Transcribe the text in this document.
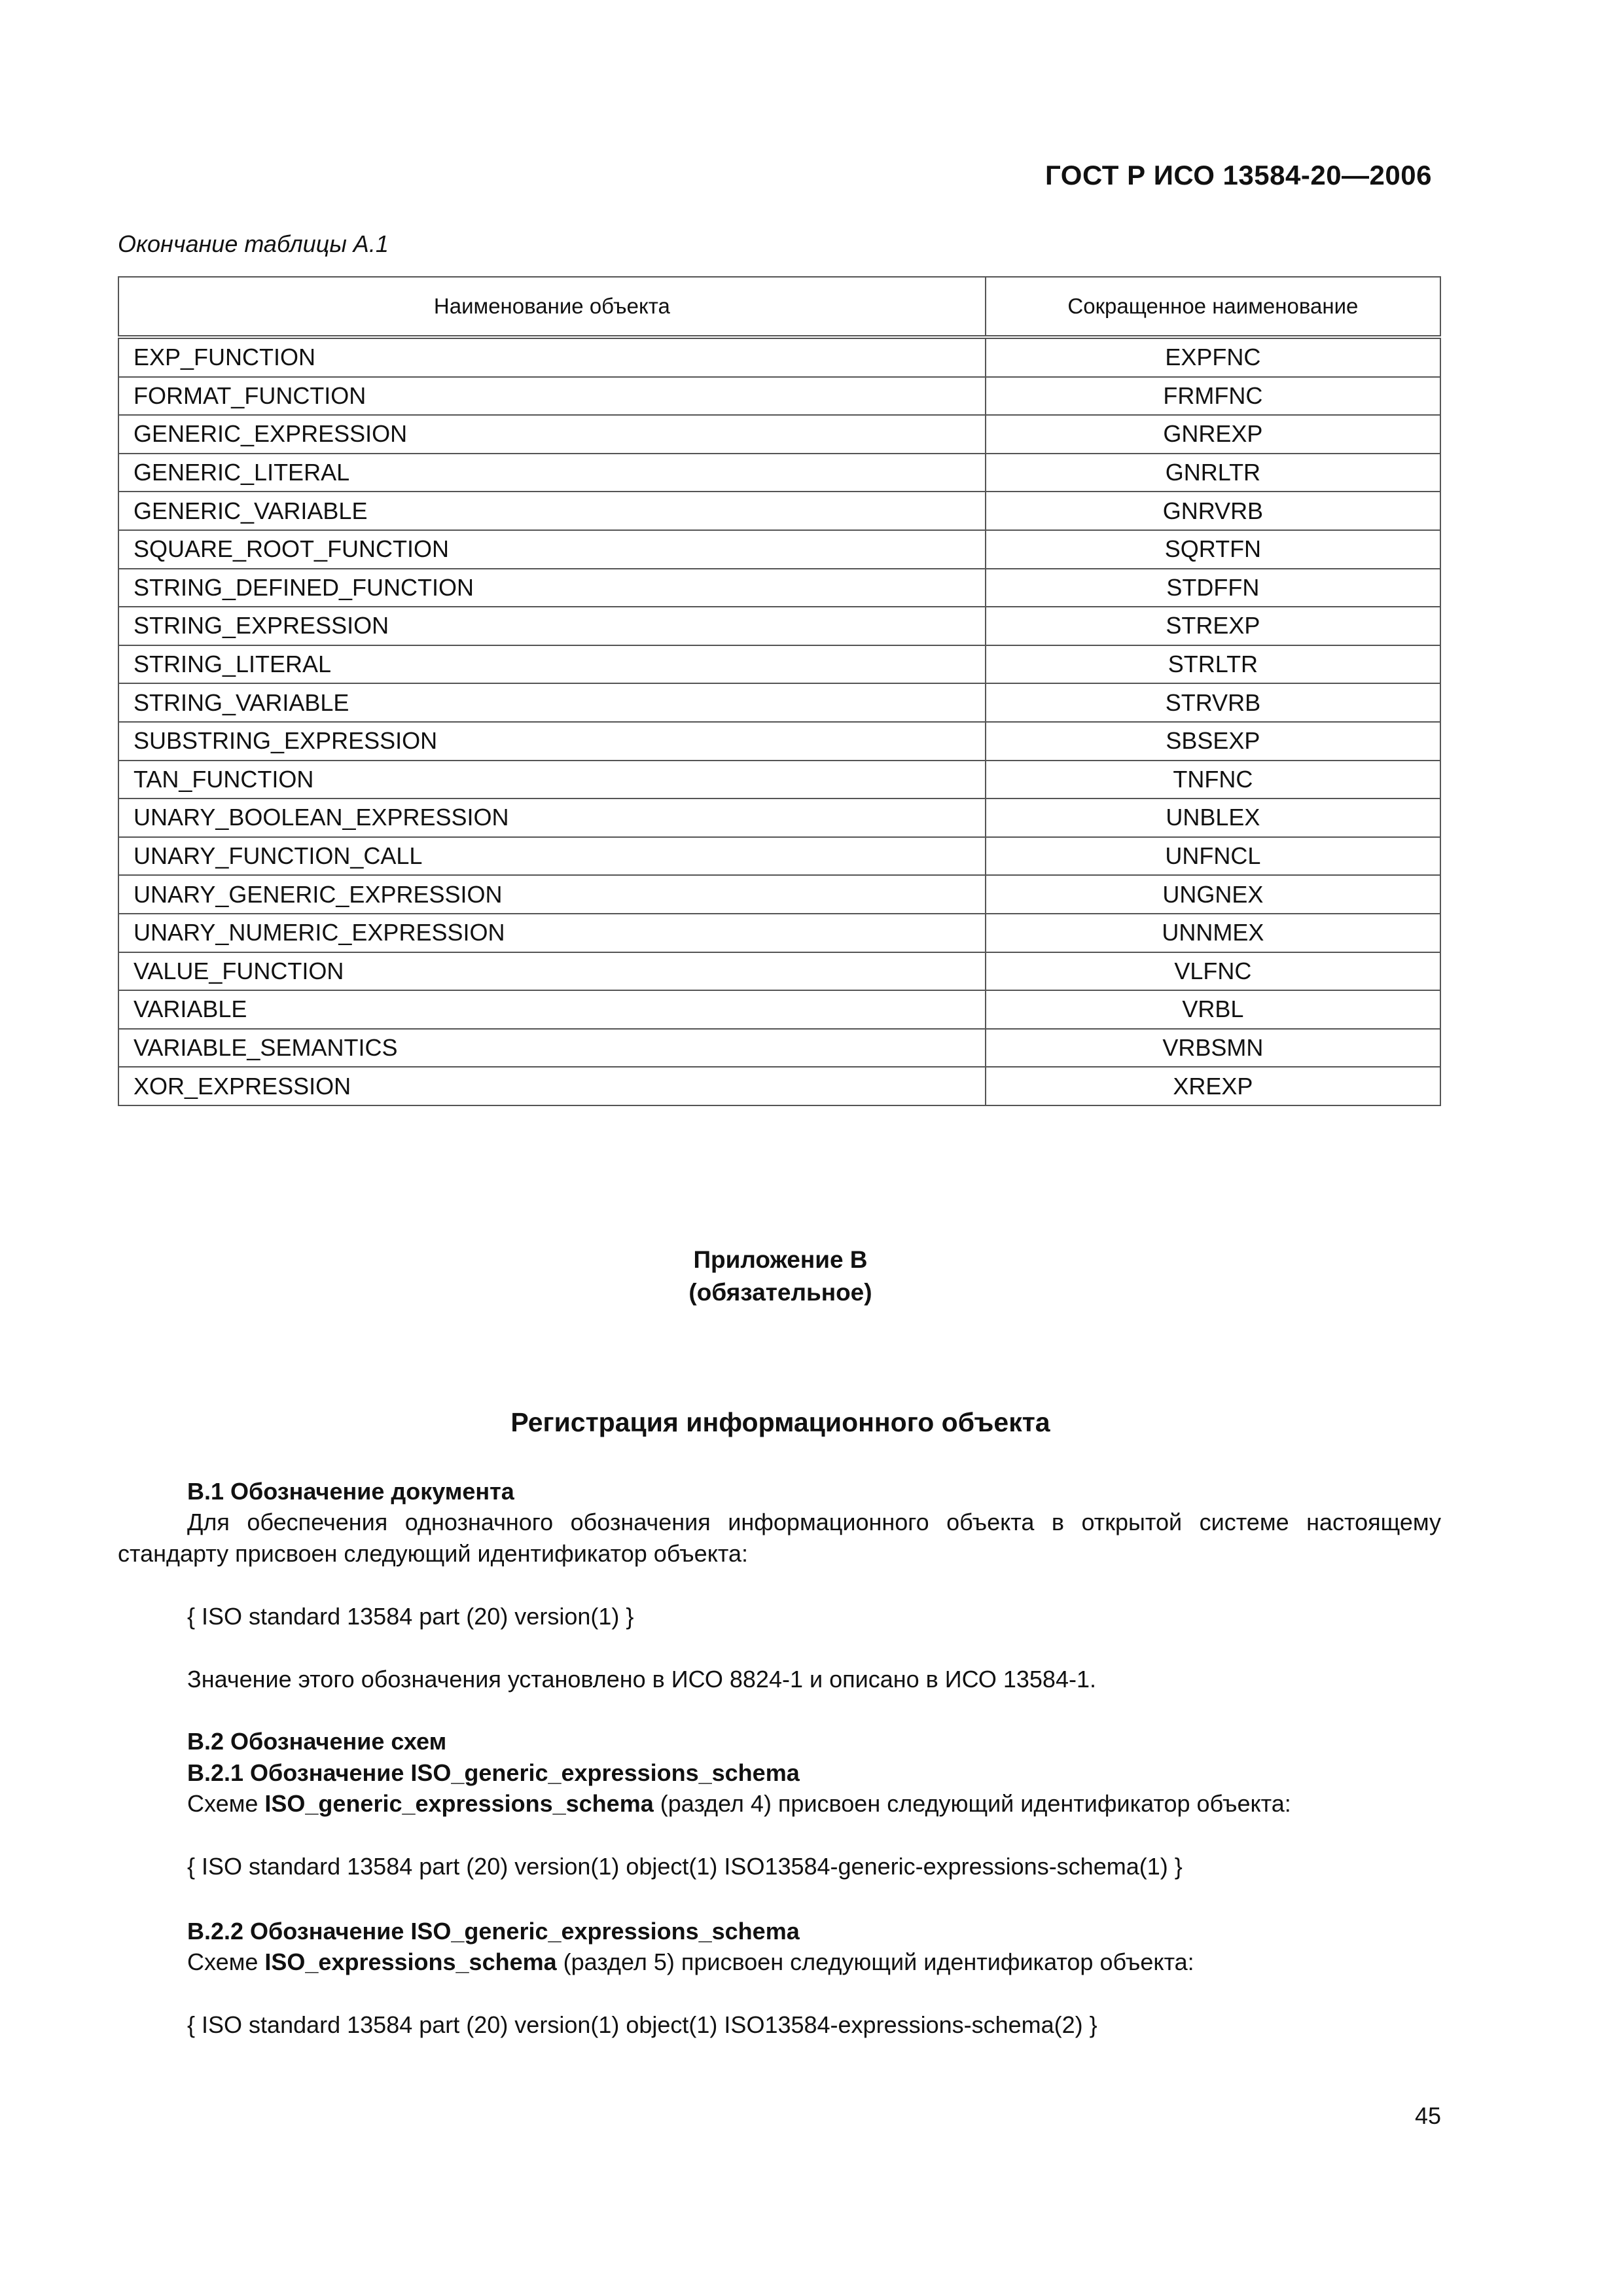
ГОСТ Р ИСО 13584-20—2006
Окончание таблицы А.1
Наименование объекта	Сокращенное наименование
EXP_FUNCTION	EXPFNC
FORMAT_FUNCTION	FRMFNC
GENERIC_EXPRESSION	GNREXP
GENERIC_LITERAL	GNRLTR
GENERIC_VARIABLE	GNRVRB
SQUARE_ROOT_FUNCTION	SQRTFN
STRING_DEFINED_FUNCTION	STDFFN
STRING_EXPRESSION	STREXP
STRING_LITERAL	STRLTR
STRING_VARIABLE	STRVRB
SUBSTRING_EXPRESSION	SBSEXP
TAN_FUNCTION	TNFNC
UNARY_BOOLEAN_EXPRESSION	UNBLEX
UNARY_FUNCTION_CALL	UNFNCL
UNARY_GENERIC_EXPRESSION	UNGNEX
UNARY_NUMERIC_EXPRESSION	UNNMEX
VALUE_FUNCTION	VLFNC
VARIABLE	VRBL
VARIABLE_SEMANTICS	VRBSMN
XOR_EXPRESSION	XREXP
Приложение В
(обязательное)
Регистрация информационного объекта
В.1 Обозначение документа
Для обеспечения однозначного обозначения информационного объекта в открытой системе настоящему стандарту присвоен следующий идентификатор объекта:
{ ISO standard 13584 part (20) version(1) }
Значение этого обозначения установлено в ИСО 8824-1 и описано в ИСО 13584-1.
В.2 Обозначение схем
В.2.1 Обозначение ISO_generic_expressions_schema
Схеме ISO_generic_expressions_schema (раздел 4) присвоен следующий идентификатор объекта:
{ ISO standard 13584 part (20) version(1) object(1) ISO13584-generic-expressions-schema(1) }
В.2.2 Обозначение ISO_generic_expressions_schema
Схеме ISO_expressions_schema (раздел 5) присвоен следующий идентификатор объекта:
{ ISO standard 13584 part (20) version(1) object(1) ISO13584-expressions-schema(2) }
45
